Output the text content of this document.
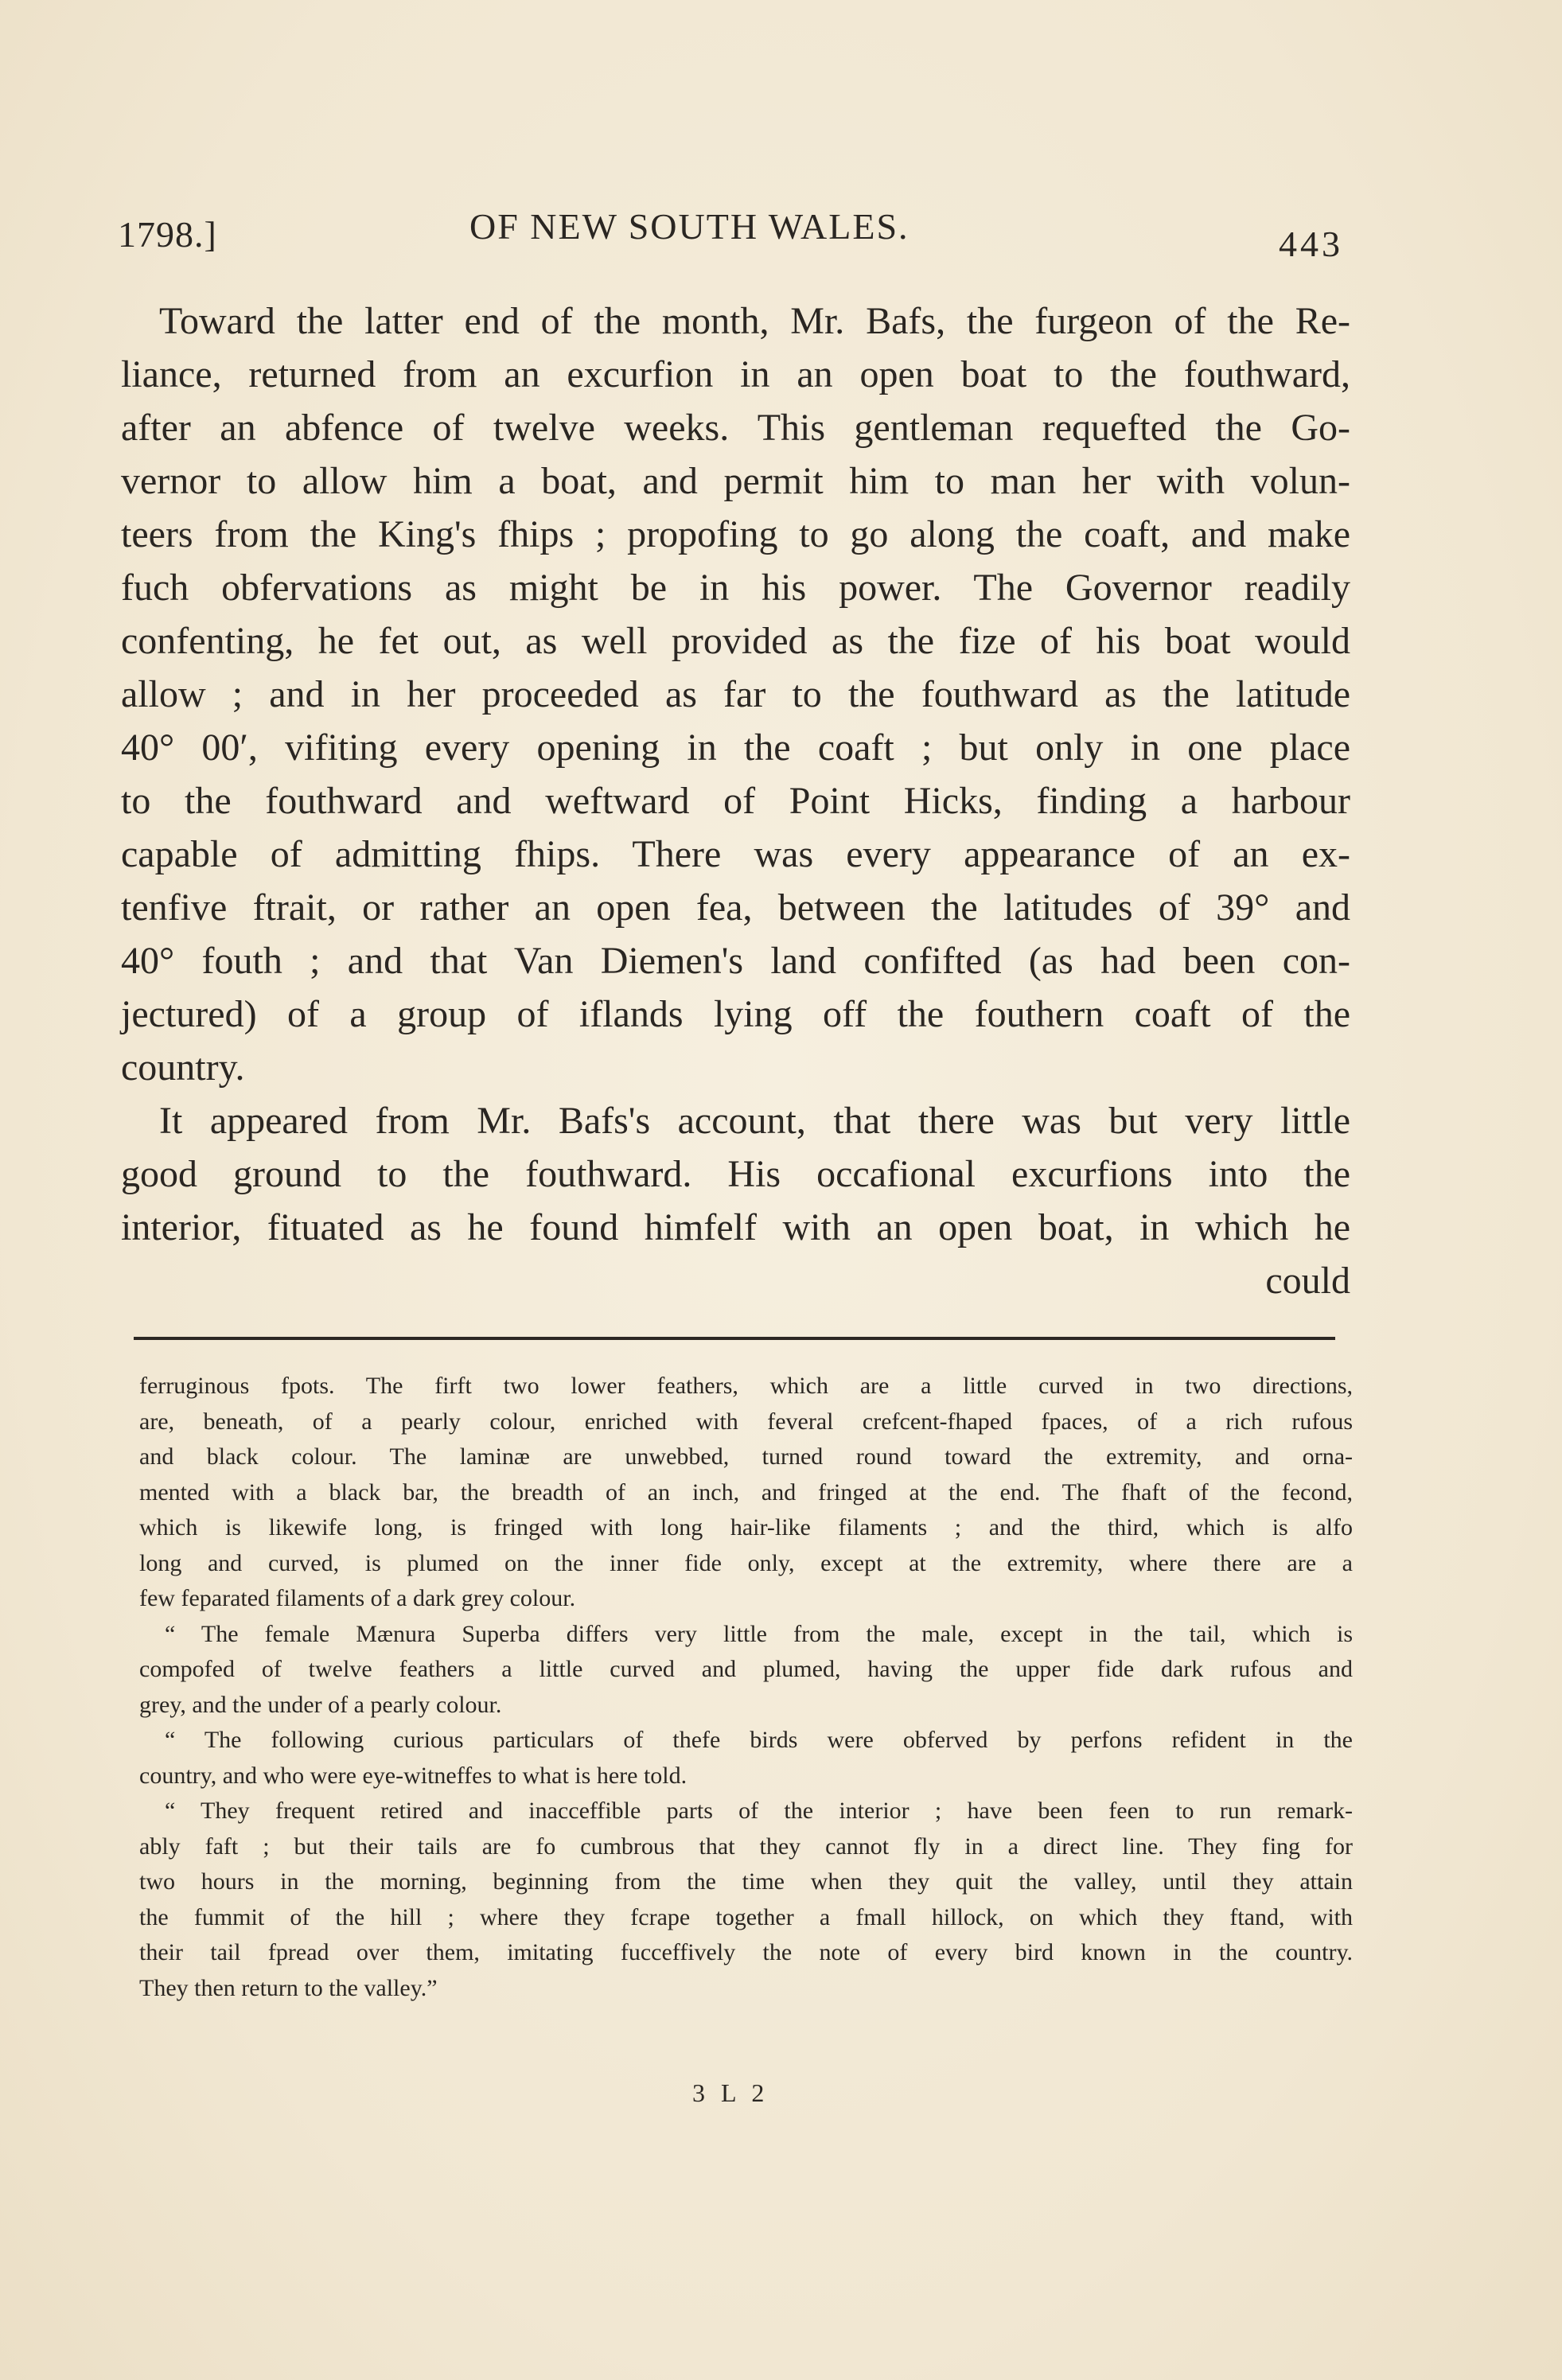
1798.]	OF NEW SOUTH WALES.	443
Toward the latter end of the month, Mr. Bafs, the furgeon of the Re-
liance, returned from an excurfion in an open boat to the fouthward,
after an abfence of twelve weeks. This gentleman requefted the Go-
vernor to allow him a boat, and permit him to man her with volun-
teers from the King's fhips ; propofing to go along the coaft, and make
fuch obfervations as might be in his power. The Governor readily
confenting, he fet out, as well provided as the fize of his boat would
allow ; and in her proceeded as far to the fouthward as the latitude
40° 00′, vifiting every opening in the coaft ; but only in one place
to the fouthward and weftward of Point Hicks, finding a harbour
capable of admitting fhips. There was every appearance of an ex-
tenfive ftrait, or rather an open fea, between the latitudes of 39° and
40° fouth ; and that Van Diemen's land confifted (as had been con-
jectured) of a group of iflands lying off the fouthern coaft of the
country.
It appeared from Mr. Bafs's account, that there was but very little
good ground to the fouthward. His occafional excurfions into the
interior, fituated as he found himfelf with an open boat, in which he
could
ferruginous fpots. The firft two lower feathers, which are a little curved in two directions,
are, beneath, of a pearly colour, enriched with feveral crefcent-fhaped fpaces, of a rich rufous
and black colour. The laminæ are unwebbed, turned round toward the extremity, and orna-
mented with a black bar, the breadth of an inch, and fringed at the end. The fhaft of the fecond,
which is likewife long, is fringed with long hair-like filaments ; and the third, which is alfo
long and curved, is plumed on the inner fide only, except at the extremity, where there are a
few feparated filaments of a dark grey colour.
“ The female Mænura Superba differs very little from the male, except in the tail, which is
compofed of twelve feathers a little curved and plumed, having the upper fide dark rufous and
grey, and the under of a pearly colour.
“ The following curious particulars of thefe birds were obferved by perfons refident in the
country, and who were eye-witneffes to what is here told.
“ They frequent retired and inacceffible parts of the interior ; have been feen to run remark-
ably faft ; but their tails are fo cumbrous that they cannot fly in a direct line. They fing for
two hours in the morning, beginning from the time when they quit the valley, until they attain
the fummit of the hill ; where they fcrape together a fmall hillock, on which they ftand, with
their tail fpread over them, imitating fucceffively the note of every bird known in the country.
They then return to the valley.”
3 L 2
